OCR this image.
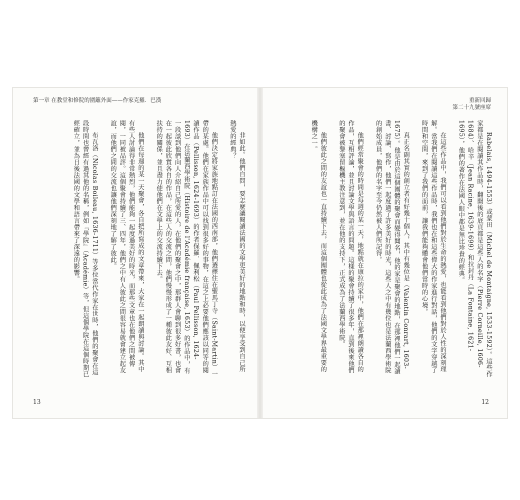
第一章 在教堂和修院的圍籬外面——作家克羅．巴漢

非如此。他們自問，要怎麼讓閱讀法國的文學更美好的地點和時，以便享受到自己所熱愛的經典？

他們決定將家族地點訂在法國的西南部，他們選擇住在聖馬丁寺（Saint-Martin）一帶的某處。他們在家族作品中可以找到很多好的事物，在這之上必要他們應該以同等的閱讀作品（Pellisson, 1624-1693）的作者保羅．佩利松（Paul Pellisson, 1624-1693）在法蘭西學術院（Histoire de l'Académie française, 1653）的作品中，有一段談到他們向人介紹自己所愛的人，在他們的聚會之中，那群人會聊到很多好書，也會在一起彼此欣賞各自的作品，在這些人的交流之間，他們慢慢形成了一種彼此友好、互相扶持的關係，並且盡力使他們在文學上的交流持續下去。

他們在每週的某一天聚會，各自把所寫成的文章帶來，大家在一起朗讀與討論。其中有些人討論得非常熱烈，他們能夠一起度過美好的時光，而那些文章也在他們之間被傳閱，一同被品評。這個聚會持續了三、四年，他們之中有人彼此之間很容易就會建立起友誼，而他們之間的交流也讓他們深刻地了解了彼此。

布瓦洛（Nicolas Boileau, 1636-1711）等多位當代作家在世時，他們的聚會在這段時間也曾經有過其他的名稱，例如『學院』（Académie）等，但這個學院在這個時期已經確立，並為日後法國的文學和語言帶來了深遠的影響。

13
重新回歸
第二十九號座席

Rabelais, 1494-1553）或蒙田（Michel de Montaigne, 1533-1592）。這些作家都是在閱讀其作品時，翻開後的底頁都是這些人的名字（Pierre Corneille, 1606-1684）、哈辛（Jean Racine, 1639-1699）和拉封丹（La Fontaine, 1621-1695），他們的著作在法國人眼中都是無比珍貴的經典。

在這些作品中，我們可以看到他們對於生命的熱愛，也能看到他們對於人性的深刻理解。當我們在閱讀這些作品時，我們也在和這些偉大的作家進行對話，他們的文字穿越了時間和空間，來到了我們的面前，讓我們能夠體會他們當時的心境。

真正名副其實的創立者有好幾十個人，其中有幾位是（Valentin Conrart, 1603-1675）。他是由於這個團體的聚會而變得聞名，他的家是聚會的地點，在那裡他們一起讀書、討論、寫作，他們一起度過了許多美好的時光，這些人之中有幾位也是法蘭西學術院的創始成員，他們的名字至今仍然被人們所記得。

他們經常聚會的時間是每週的某一天，地點就在康拉的家中，他們在那裡朗讀各自的作品，互相評論，並且討論文學與語言的問題。這樣的聚會持續了很多年，直到後來他們的聚會被黎塞留樞機主教注意到，並在他的支持下，正式成為了法蘭西學術院。

他們彼此之間的友誼也一直持續下去，而這個團體也從此成為了法國文學界最重要的機構之一。

12
